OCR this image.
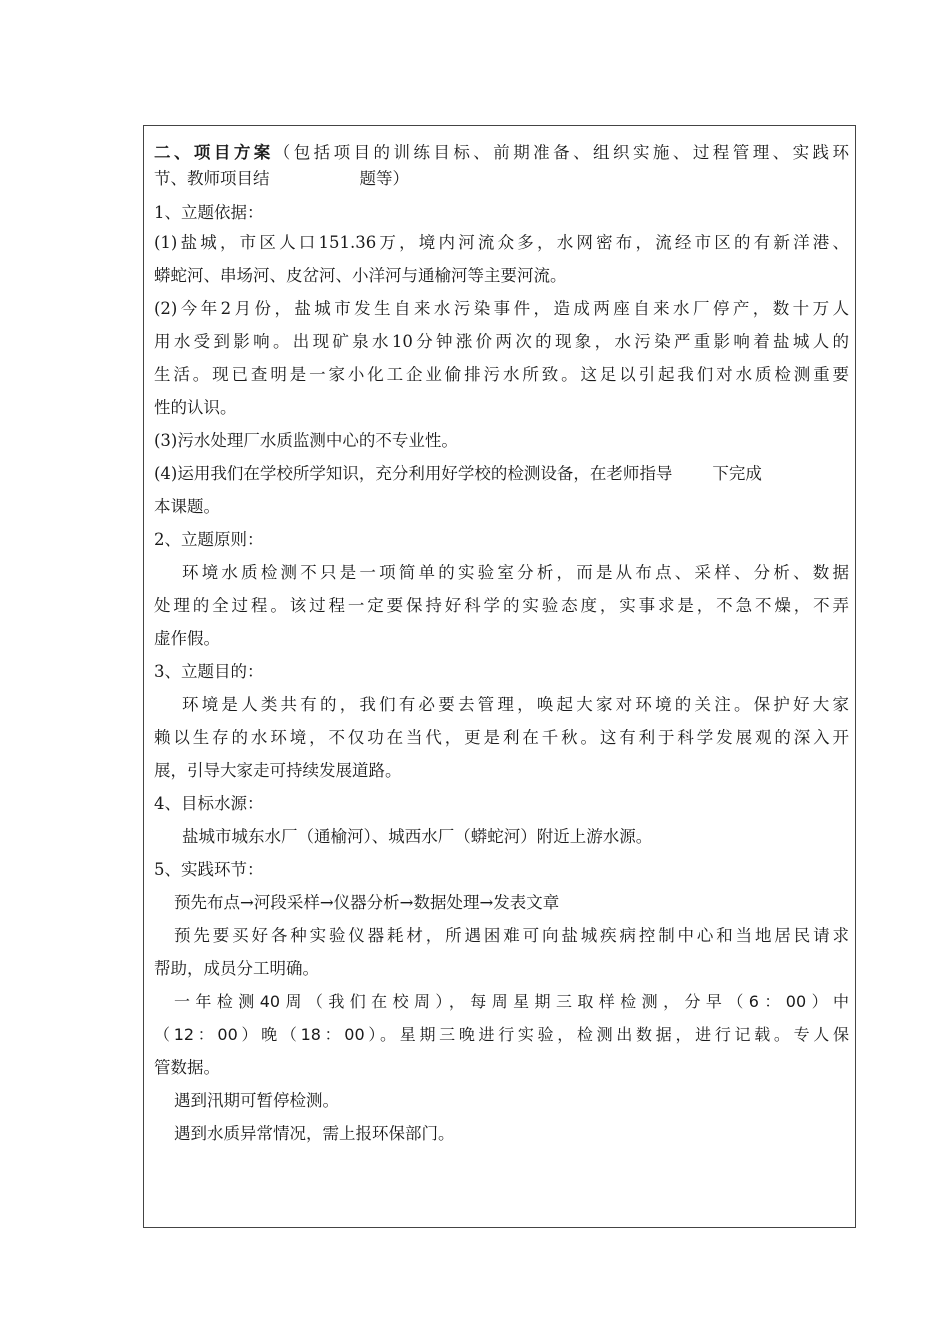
二、项目方案（包括项目的训练目标、前期准备、组织实施、过程管理、实践环
节、教师项目结	题等）
1、立题依据：
(1)盐城，市区人口151.36万，境内河流众多，水网密布，流经市区的有新洋港、
蟒蛇河、串场河、皮岔河、小洋河与通榆河等主要河流。
(2)今年2月份，盐城市发生自来水污染事件，造成两座自来水厂停产，数十万人
用水受到影响。出现矿泉水10分钟涨价两次的现象，水污染严重影响着盐城人的
生活。现已查明是一家小化工企业偷排污水所致。这足以引起我们对水质检测重要
性的认识。
(3)污水处理厂水质监测中心的不专业性。
(4)运用我们在学校所学知识，充分利用好学校的检测设备，在老师指导 下完成
本课题。
2、立题原则：
环境水质检测不只是一项简单的实验室分析，而是从布点、采样、分析、数据
处理的全过程。该过程一定要保持好科学的实验态度，实事求是，不急不燥，不弄
虚作假。
3、立题目的：
环境是人类共有的，我们有必要去管理，唤起大家对环境的关注。保护好大家
赖以生存的水环境，不仅功在当代，更是利在千秋。这有利于科学发展观的深入开
展，引导大家走可持续发展道路。
4、目标水源：
盐城市城东水厂（通榆河）、城西水厂（蟒蛇河）附近上游水源。
5、实践环节：
预先布点→河段采样→仪器分析→数据处理→发表文章
预先要买好各种实验仪器耗材，所遇困难可向盐城疾病控制中心和当地居民请求
帮助，成员分工明确。
一年检测40周（我们在校周），每周星期三取样检测，分早（6：00）中
（12：00）晚（18：00）。星期三晚进行实验，检测出数据，进行记载。专人保
管数据。
遇到汛期可暂停检测。
遇到水质异常情况，需上报环保部门。
